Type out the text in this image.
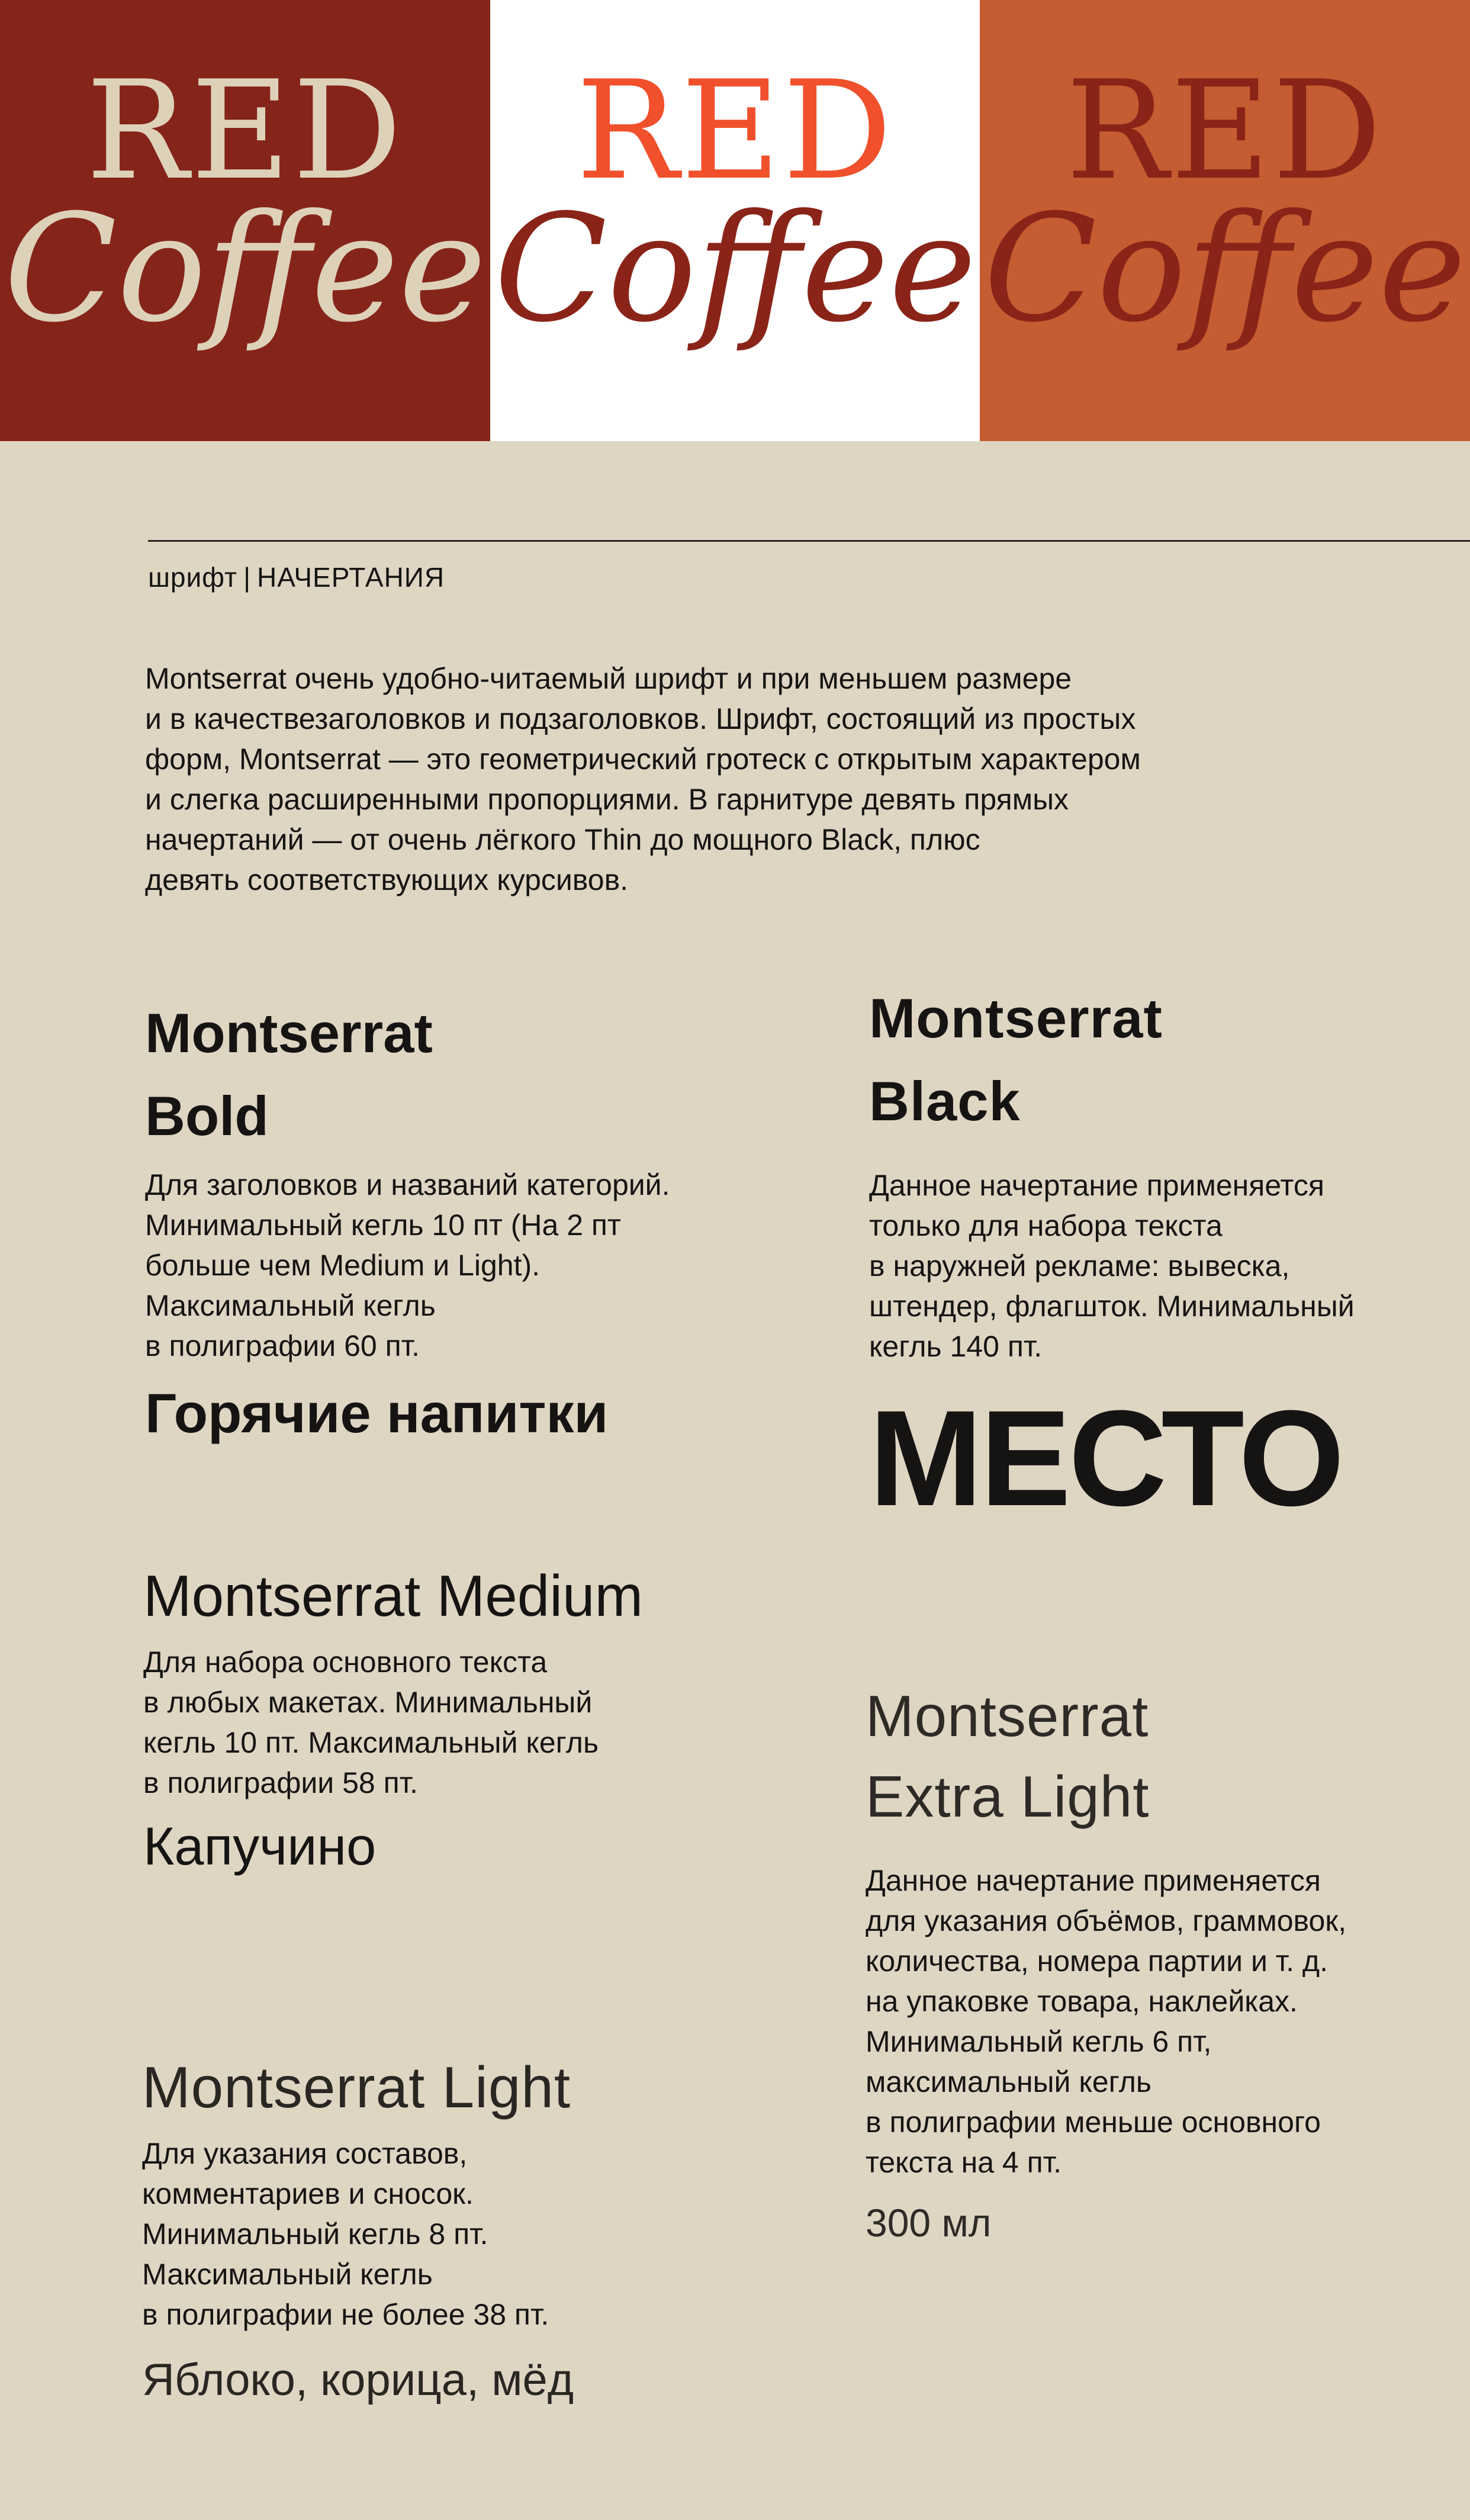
RED
Coffee
RED
Coffee
RED
Coffee
шрифт | НАЧЕРТАНИЯ

Montserrat очень удобно-читаемый шрифт и при меньшем размере

и в качествезаголовков и подзаголовков. Шрифт, состоящий из простых

форм, Montserrat — это геометрический гротеск с открытым характером

и слегка расширенными пропорциями. В гарнитуре девять прямых

начертаний — от очень лёгкого Thin до мощного Black, плюс

девять соответствующих курсивов.

Montserrat
Bold

Для заголовков и названий категорий.

Минимальный кегль 10 пт (На 2 пт

больше чем Medium и Light).

Максимальный кегль

в полиграфии 60 пт.

Горячие напитки
Montserrat Medium

Для набора основного текста

в любых макетах. Минимальный

кегль 10 пт. Максимальный кегль

в полиграфии 58 пт.

Капучино
Montserrat Light

Для указания составов,

комментариев и сносок.

Минимальный кегль 8 пт.

Максимальный кегль

в полиграфии не более 38 пт.

Яблоко, корица, мёд
Montserrat
Black

Данное начертание применяется

только для набора текста

в наружней рекламе: вывеска,

штендер, флагшток. Минимальный

кегль 140 пт.

МЕСТО
Montserrat
Extra Light

Данное начертание применяется

для указания объёмов, граммовок,

количества, номера партии и т. д.

на упаковке товара, наклейках.

Минимальный кегль 6 пт,

максимальный кегль

в полиграфии меньше основного

текста на 4 пт.

300 мл
